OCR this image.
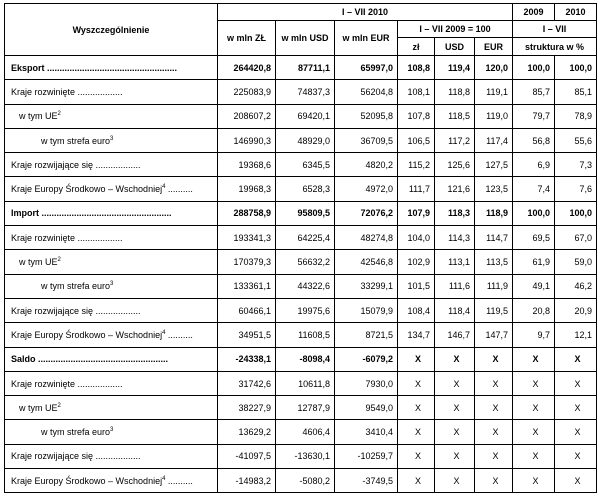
Wyszczególnienie	I – VII 2010						2009	2010
	w mln ZŁ	w mln USD	w mln EUR	I – VII 2009 = 100			I – VII	
				zł	USD	EUR	struktura w %	
Eksport ....................................................	264420,8	87711,1	65997,0	108,8	119,4	120,0	100,0	100,0
Kraje rozwinięte ..................	225083,9	74837,3	56204,8	108,1	118,8	119,1	85,7	85,1
w tym $UE^2$	208607,2	69420,1	52095,8	107,8	118,5	119,0	79,7	78,9
w tym strefa euro$^3$	146990,3	48929,0	36709,5	106,5	117,2	117,4	56,8	55,6
Kraje rozwijające się ..................	19368,6	6345,5	4820,2	115,2	125,6	127,5	6,9	7,3
Kraje Europy Środkowo – Wschodniej$^4$ ..........	19968,3	6528,3	4972,0	111,7	121,6	123,5	7,4	7,6
Import ....................................................	288758,9	95809,5	72076,2	107,9	118,3	118,9	100,0	100,0
Kraje rozwinięte ..................	193341,3	64225,4	48274,8	104,0	114,3	114,7	69,5	67,0
w tym $UE^2$	170379,3	56632,2	42546,8	102,9	113,1	113,5	61,9	59,0
w tym strefa euro$^3$	133361,1	44322,6	33299,1	101,5	111,6	111,9	49,1	46,2
Kraje rozwijające się ..................	60466,1	19975,6	15079,9	108,4	118,4	119,5	20,8	20,9
Kraje Europy Środkowo – Wschodniej$^4$ ..........	34951,5	11608,5	8721,5	134,7	146,7	147,7	9,7	12,1
Saldo ....................................................	-24338,1	-8098,4	-6079,2	X	X	X	X	X
Kraje rozwinięte ..................	31742,6	10611,8	7930,0	X	X	X	X	X
w tym $UE^2$	38227,9	12787,9	9549,0	X	X	X	X	X
w tym strefa euro$^3$	13629,2	4606,4	3410,4	X	X	X	X	X
Kraje rozwijające się ..................	-41097,5	-13630,1	-10259,7	X	X	X	X	X
Kraje Europy Środkowo – Wschodniej$^4$ ..........	-14983,2	-5080,2	-3749,5	X	X	X	X	X
